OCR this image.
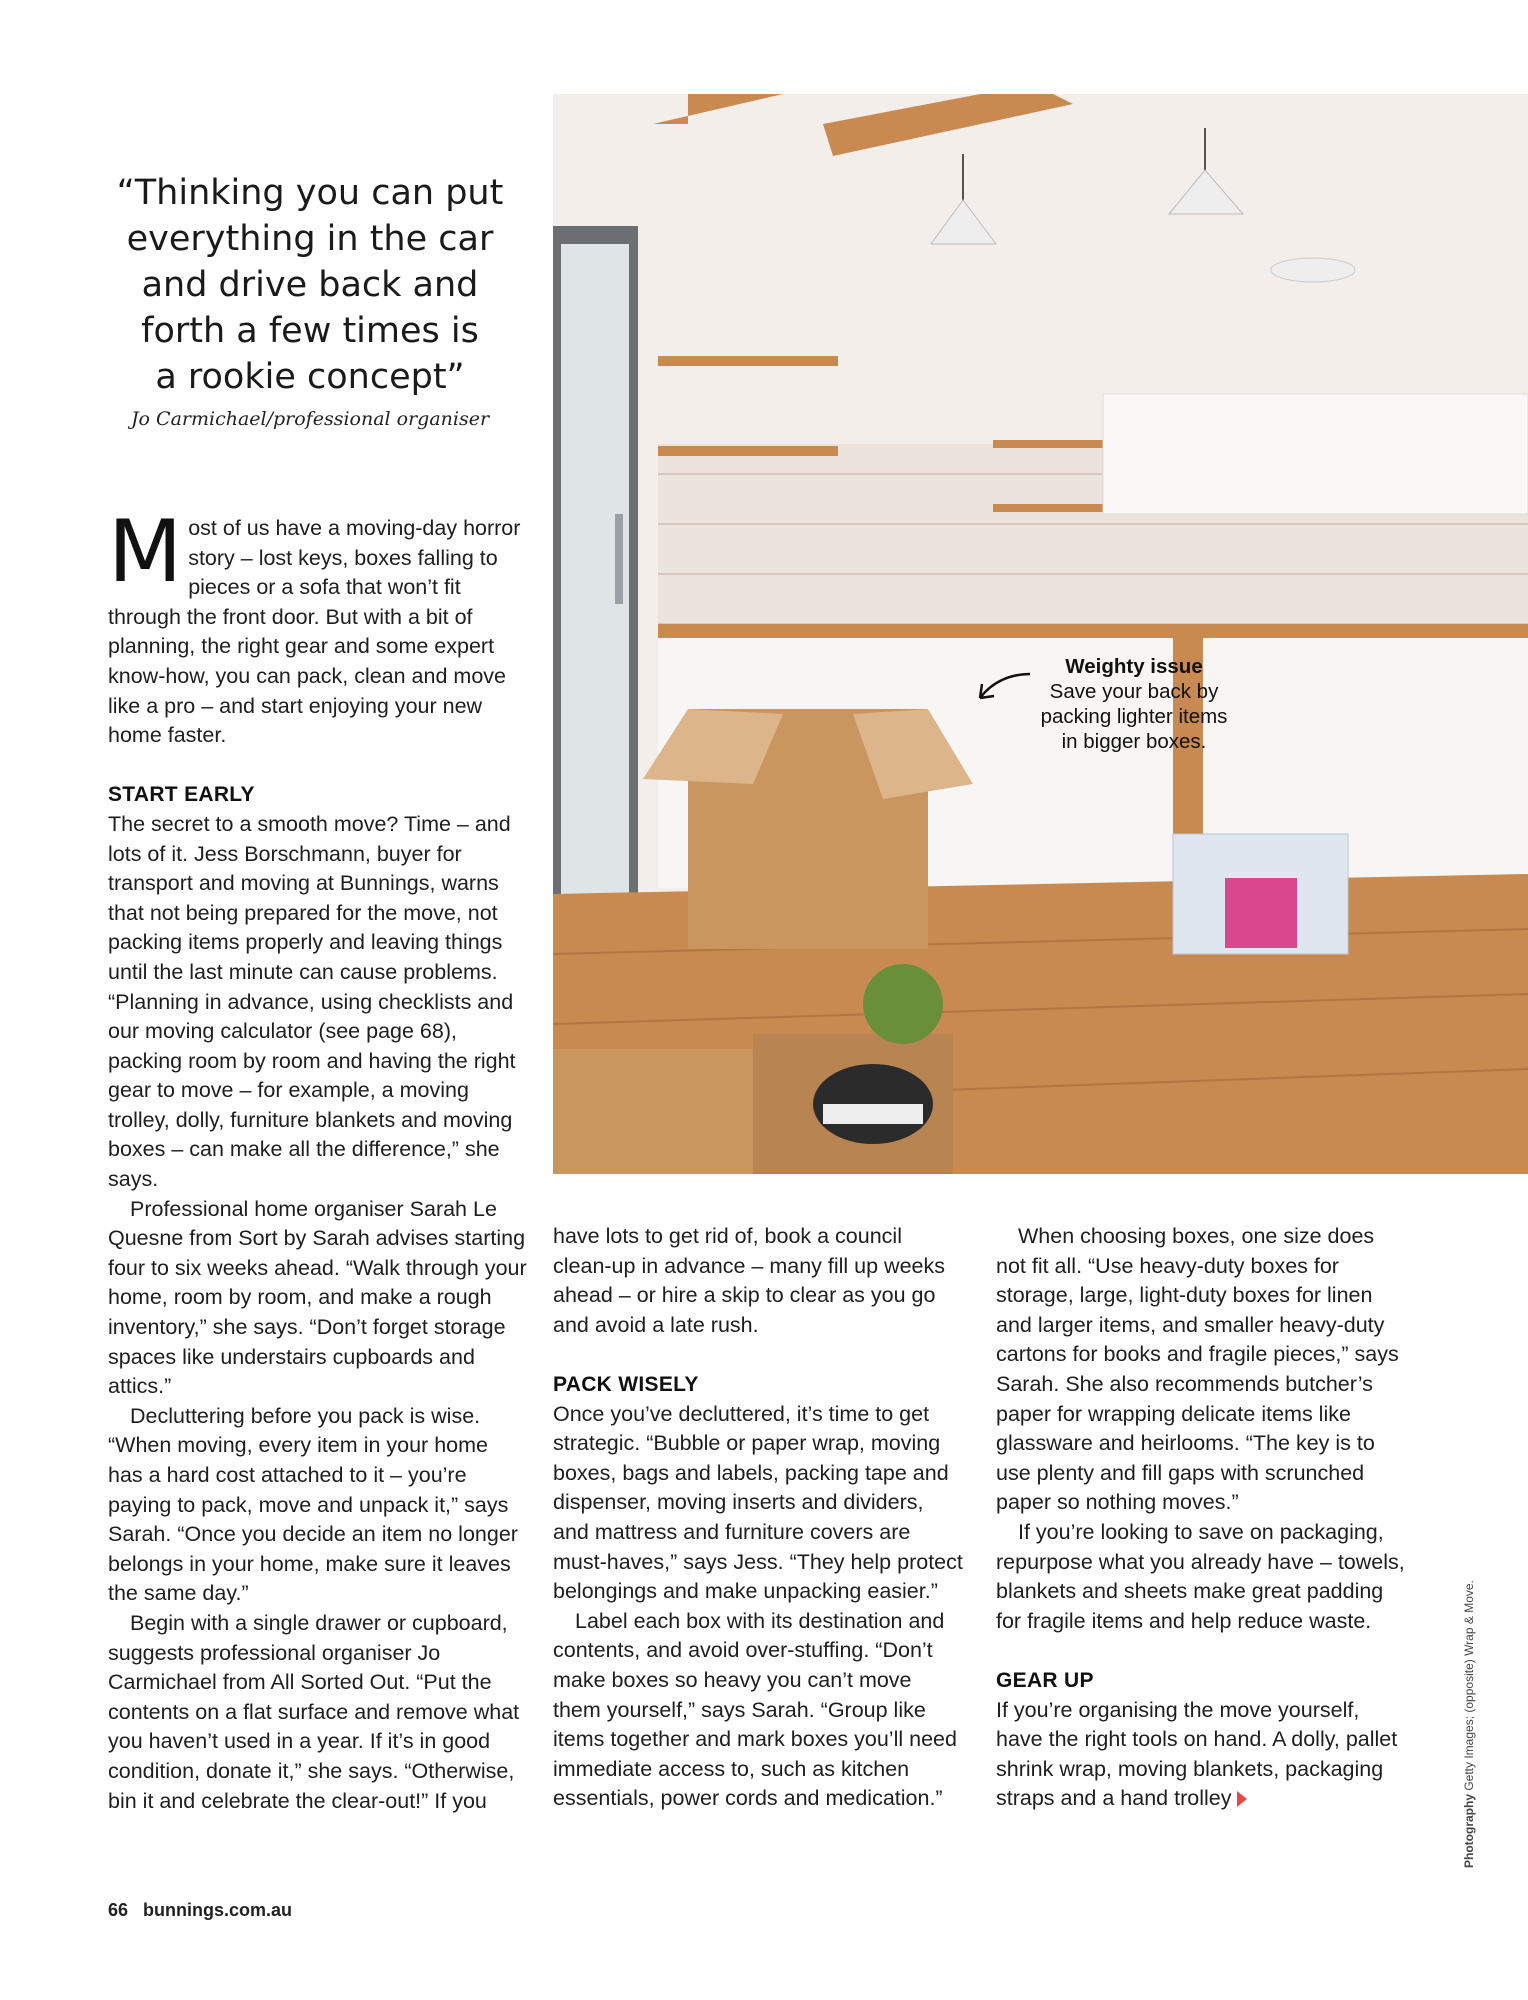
“Thinking you can put

everything in the car

and drive back and

forth a few times is

a rookie concept”

Jo Carmichael/professional organiser
Weighty issue
Save your back by
packing lighter items
in bigger boxes.

Most of us have a moving-day horror story – lost keys, boxes falling to pieces or a sofa that won’t fit through the front door. But with a bit of planning, the right gear and some expert know-how, you can pack, clean and move like a pro – and start enjoying your new home faster.

START EARLY

The secret to a smooth move? Time – and lots of it. Jess Borschmann, buyer for transport and moving at Bunnings, warns that not being prepared for the move, not packing items properly and leaving things until the last minute can cause problems. “Planning in advance, using checklists and our moving calculator (see page 68), packing room by room and having the right gear to move – for example, a moving trolley, dolly, furniture blankets and moving boxes – can make all the difference,” she says.

Professional home organiser Sarah Le Quesne from Sort by Sarah advises starting four to six weeks ahead. “Walk through your home, room by room, and make a rough inventory,” she says. “Don’t forget storage spaces like understairs cupboards and attics.”

Decluttering before you pack is wise. “When moving, every item in your home has a hard cost attached to it – you’re paying to pack, move and unpack it,” says Sarah. “Once you decide an item no longer belongs in your home, make sure it leaves the same day.”

Begin with a single drawer or cupboard, suggests professional organiser Jo Carmichael from All Sorted Out. “Put the contents on a flat surface and remove what you haven’t used in a year. If it’s in good condition, donate it,” she says. “Otherwise, bin it and celebrate the clear-out!” If you

have lots to get rid of, book a council clean-up in advance – many fill up weeks ahead – or hire a skip to clear as you go and avoid a late rush.

PACK WISELY

Once you’ve decluttered, it’s time to get strategic. “Bubble or paper wrap, moving boxes, bags and labels, packing tape and dispenser, moving inserts and dividers, and mattress and furniture covers are must-haves,” says Jess. “They help protect belongings and make unpacking easier.”

Label each box with its destination and contents, and avoid over-stuffing. “Don’t make boxes so heavy you can’t move them yourself,” says Sarah. “Group like items together and mark boxes you’ll need immediate access to, such as kitchen essentials, power cords and medication.”

When choosing boxes, one size does not fit all. “Use heavy-duty boxes for storage, large, light-duty boxes for linen and larger items, and smaller heavy-duty cartons for books and fragile pieces,” says Sarah. She also recommends butcher’s paper for wrapping delicate items like glassware and heirlooms. “The key is to use plenty and fill gaps with scrunched paper so nothing moves.”

If you’re looking to save on packaging, repurpose what you already have – towels, blankets and sheets make great padding for fragile items and help reduce waste.

GEAR UP

If you’re organising the move yourself, have the right tools on hand. A dolly, pallet shrink wrap, moving blankets, packaging straps and a hand trolley

66 bunnings.com.au
Photography Getty Images; (opposite) Wrap & Move.
